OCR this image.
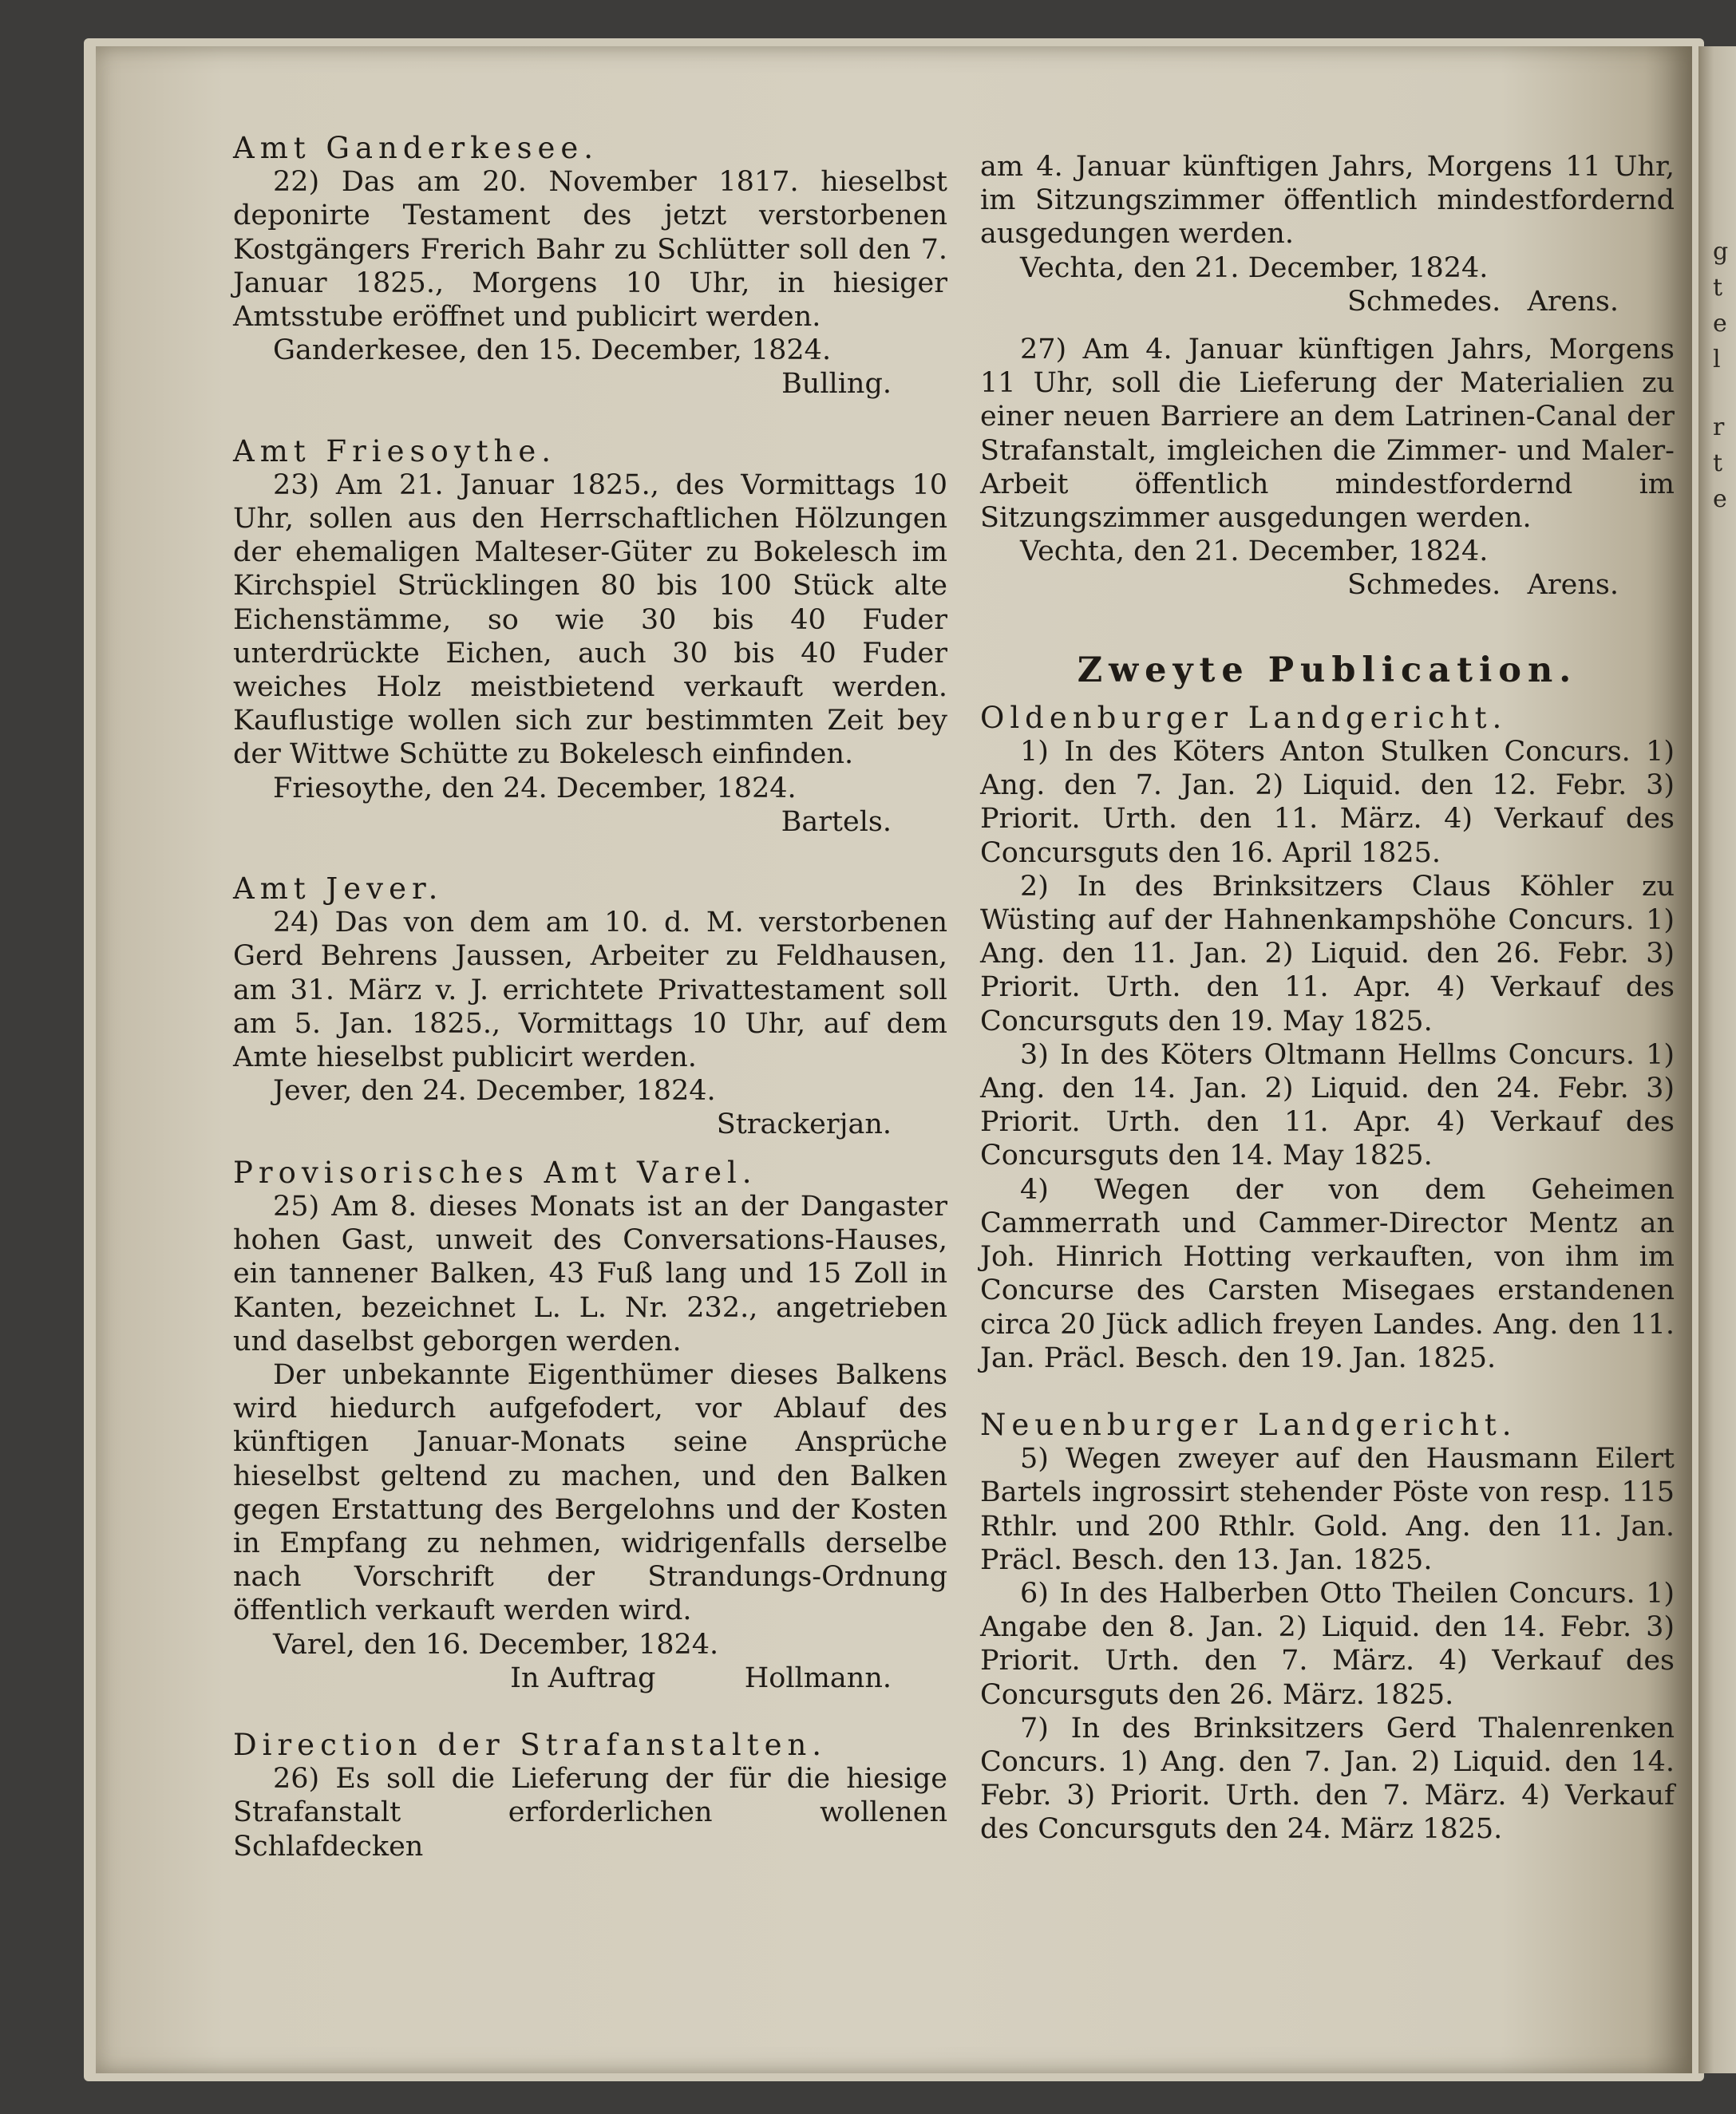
g
t
e
l
r
t
e
Amt Ganderkesee.

22) Das am 20. November 1817. hieselbst deponirte Testament des jetzt verstorbenen Kostgängers Frerich Bahr zu Schlütter soll den 7. Januar 1825., Morgens 10 Uhr, in hiesiger Amtsstube eröffnet und publicirt werden.

Ganderkesee, den 15. December, 1824.

Bulling.

Amt Friesoythe.

23) Am 21. Januar 1825., des Vormittags 10 Uhr, sollen aus den Herrschaftlichen Hölzungen der ehemaligen Malteser-Güter zu Bokelesch im Kirchspiel Strücklingen 80 bis 100 Stück alte Eichenstämme, so wie 30 bis 40 Fuder unterdrückte Eichen, auch 30 bis 40 Fuder weiches Holz meistbietend verkauft werden. Kauflustige wollen sich zur bestimmten Zeit bey der Wittwe Schütte zu Bokelesch einfinden.

Friesoythe, den 24. December, 1824.

Bartels.

Amt Jever.

24) Das von dem am 10. d. M. verstorbenen Gerd Behrens Jaussen, Arbeiter zu Feldhausen, am 31. März v. J. errichtete Privattestament soll am 5. Jan. 1825., Vormittags 10 Uhr, auf dem Amte hieselbst publicirt werden.

Jever, den 24. December, 1824.

Strackerjan.

Provisorisches Amt Varel.

25) Am 8. dieses Monats ist an der Dangaster hohen Gast, unweit des Conversations-Hauses, ein tannener Balken, 43 Fuß lang und 15 Zoll in Kanten, bezeichnet L. L. Nr. 232., angetrieben und daselbst geborgen werden.

Der unbekannte Eigenthümer dieses Balkens wird hiedurch aufgefodert, vor Ablauf des künftigen Januar-Monats seine Ansprüche hieselbst geltend zu machen, und den Balken gegen Erstattung des Bergelohns und der Kosten in Empfang zu nehmen, widrigenfalls derselbe nach Vorschrift der Strandungs-Ordnung öffentlich verkauft werden wird.

Varel, den 16. December, 1824.

In Auftrag          Hollmann.

Direction der Strafanstalten.

26) Es soll die Lieferung der für die hiesige Strafanstalt erforderlichen wollenen Schlafdecken

am 4. Januar künftigen Jahrs, Morgens 11 Uhr, im Sitzungszimmer öffentlich mindestfordernd ausgedungen werden.

Vechta, den 21. December, 1824.

Schmedes.   Arens.

27) Am 4. Januar künftigen Jahrs, Morgens 11 Uhr, soll die Lieferung der Materialien zu einer neuen Barriere an dem Latrinen-Canal der Strafanstalt, imgleichen die Zimmer- und Maler-Arbeit öffentlich mindestfordernd im Sitzungszimmer ausgedungen werden.

Vechta, den 21. December, 1824.

Schmedes.   Arens.

Zweyte Publication.
Oldenburger Landgericht.

1) In des Köters Anton Stulken Concurs. 1) Ang. den 7. Jan. 2) Liquid. den 12. Febr. 3) Priorit. Urth. den 11. März. 4) Verkauf des Concursguts den 16. April 1825.

2) In des Brinksitzers Claus Köhler zu Wüsting auf der Hahnenkampshöhe Concurs. 1) Ang. den 11. Jan. 2) Liquid. den 26. Febr. 3) Priorit. Urth. den 11. Apr. 4) Verkauf des Concursguts den 19. May 1825.

3) In des Köters Oltmann Hellms Concurs. 1) Ang. den 14. Jan. 2) Liquid. den 24. Febr. 3) Priorit. Urth. den 11. Apr. 4) Verkauf des Concursguts den 14. May 1825.

4) Wegen der von dem Geheimen Cammerrath und Cammer-Director Mentz an Joh. Hinrich Hotting verkauften, von ihm im Concurse des Carsten Misegaes erstandenen circa 20 Jück adlich freyen Landes. Ang. den 11. Jan. Präcl. Besch. den 19. Jan. 1825.

Neuenburger Landgericht.

5) Wegen zweyer auf den Hausmann Eilert Bartels ingrossirt stehender Pöste von resp. 115 Rthlr. und 200 Rthlr. Gold. Ang. den 11. Jan. Präcl. Besch. den 13. Jan. 1825.

6) In des Halberben Otto Theilen Concurs. 1) Angabe den 8. Jan. 2) Liquid. den 14. Febr. 3) Priorit. Urth. den 7. März. 4) Verkauf des Concursguts den 26. März. 1825.

7) In des Brinksitzers Gerd Thalenrenken Concurs. 1) Ang. den 7. Jan. 2) Liquid. den 14. Febr. 3) Priorit. Urth. den 7. März. 4) Verkauf des Concursguts den 24. März 1825.
